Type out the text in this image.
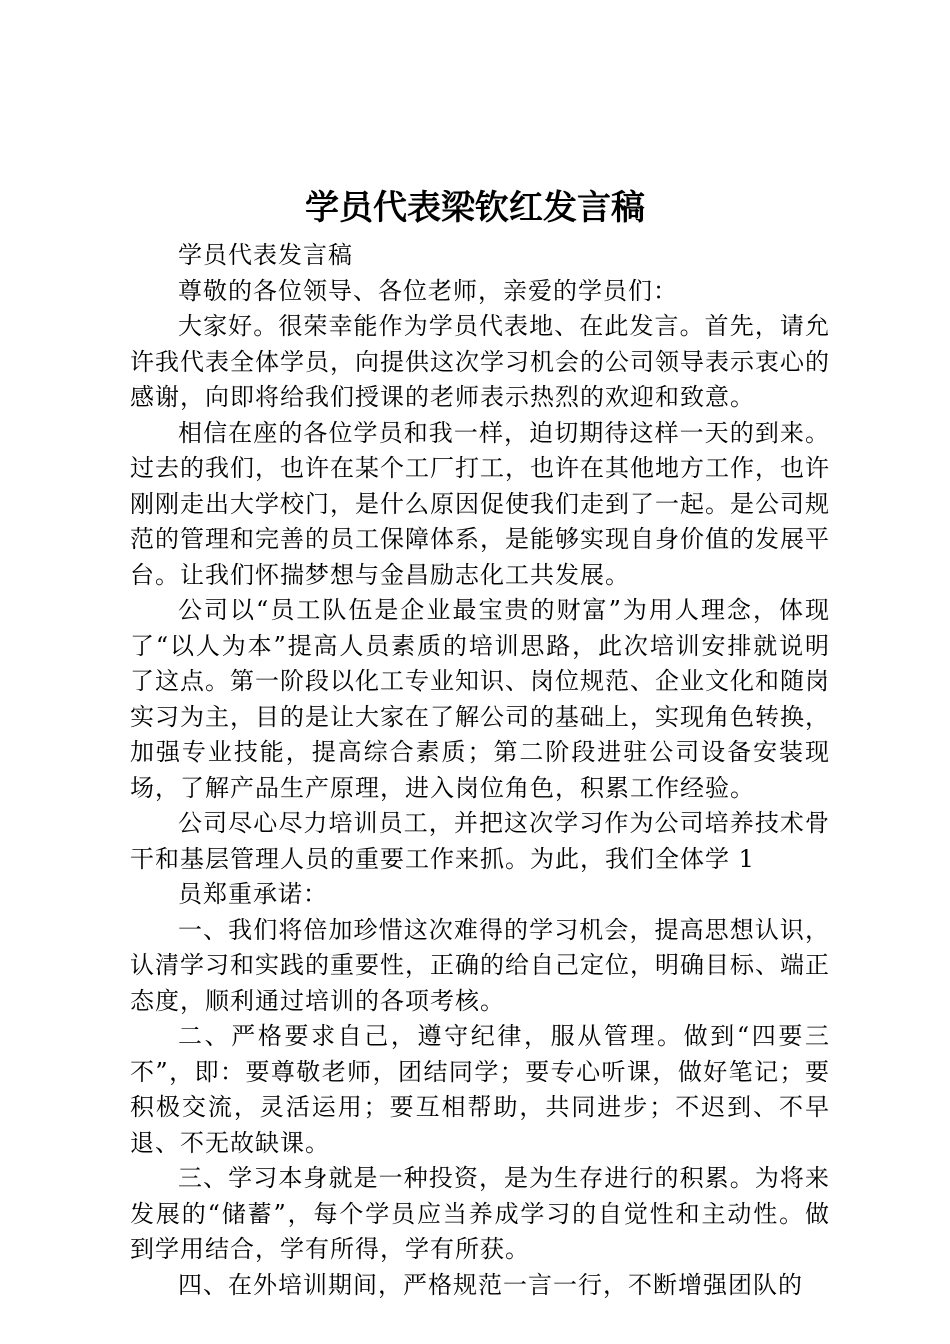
学员代表梁钦红发言稿

学员代表发言稿

尊敬的各位领导、各位老师，亲爱的学员们：

大家好。很荣幸能作为学员代表地、在此发言。首先，请允许我代表全体学员，向提供这次学习机会的公司领导表示衷心的感谢，向即将给我们授课的老师表示热烈的欢迎和致意。

相信在座的各位学员和我一样，迫切期待这样一天的到来。过去的我们，也许在某个工厂打工，也许在其他地方工作，也许刚刚走出大学校门，是什么原因促使我们走到了一起。是公司规范的管理和完善的员工保障体系，是能够实现自身价值的发展平台。让我们怀揣梦想与金昌励志化工共发展。

公司以“员工队伍是企业最宝贵的财富”为用人理念，体现了“以人为本”提高人员素质的培训思路，此次培训安排就说明了这点。第一阶段以化工专业知识、岗位规范、企业文化和随岗实习为主，目的是让大家在了解公司的基础上，实现角色转换，加强专业技能，提高综合素质；第二阶段进驻公司设备安装现场，了解产品生产原理，进入岗位角色，积累工作经验。

公司尽心尽力培训员工，并把这次学习作为公司培养技术骨干和基层管理人员的重要工作来抓。为此，我们全体学 1

员郑重承诺：

一、我们将倍加珍惜这次难得的学习机会，提高思想认识，认清学习和实践的重要性，正确的给自己定位，明确目标、端正态度，顺利通过培训的各项考核。

二、严格要求自己，遵守纪律，服从管理。做到“四要三不”，即：要尊敬老师，团结同学；要专心听课，做好笔记；要积极交流，灵活运用；要互相帮助，共同进步；不迟到、不早退、不无故缺课。

三、学习本身就是一种投资，是为生存进行的积累。为将来发展的“储蓄”，每个学员应当养成学习的自觉性和主动性。做到学用结合，学有所得，学有所获。

四、在外培训期间，严格规范一言一行，不断增强团队的
